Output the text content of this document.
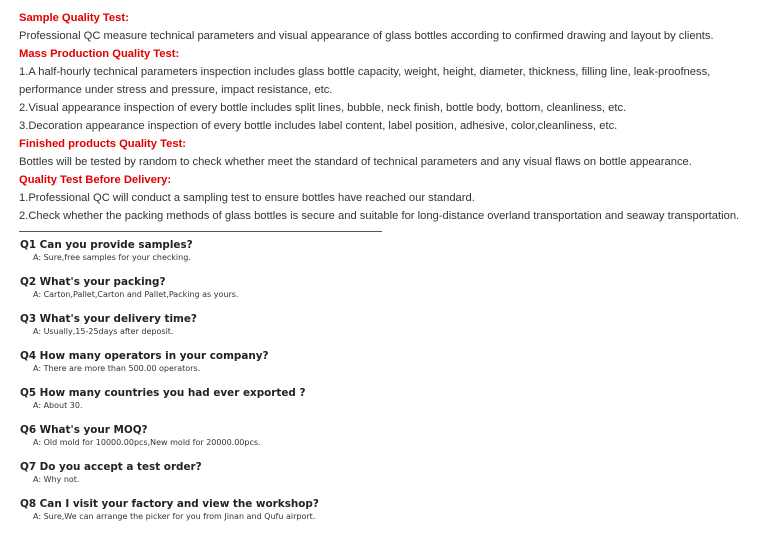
Sample Quality Test:
Professional QC measure technical parameters and visual appearance of glass bottles according to confirmed drawing and layout by clients.
Mass Production Quality Test:
1.A half-hourly technical parameters inspection includes glass bottle capacity, weight, height, diameter, thickness, filling line, leak-proofness,
performance under stress and pressure, impact resistance, etc.
2.Visual appearance inspection of every bottle includes split lines, bubble, neck finish, bottle body, bottom, cleanliness, etc.
3.Decoration appearance inspection of every bottle includes label content, label position, adhesive, color,cleanliness, etc.
Finished products Quality Test:
Bottles will be tested by random to check whether meet the standard of technical parameters and any visual flaws on bottle appearance.
Quality Test Before Delivery:
1.Professional QC will conduct a sampling test to ensure bottles have reached our standard.
2.Check whether the packing methods of glass bottles is secure and suitable for long-distance overland transportation and seaway transportation.
Q1 Can you provide samples?
A: Sure,free samples for your checking.
Q2 What's your packing?
A: Carton,Pallet,Carton and Pallet,Packing as yours.
Q3 What's your delivery time?
A: Usually,15-25days after deposit.
Q4 How many operators in your company?
A: There are more than 500.00 operators.
Q5 How many countries you had ever exported ?
A: About 30.
Q6 What's your MOQ?
A: Old mold for 10000.00pcs,New mold for 20000.00pcs.
Q7 Do you accept a test order?
A: Why not.
Q8 Can I visit your factory and view the workshop?
A: Sure,We can arrange the picker for you from Jinan and Qufu airport.
